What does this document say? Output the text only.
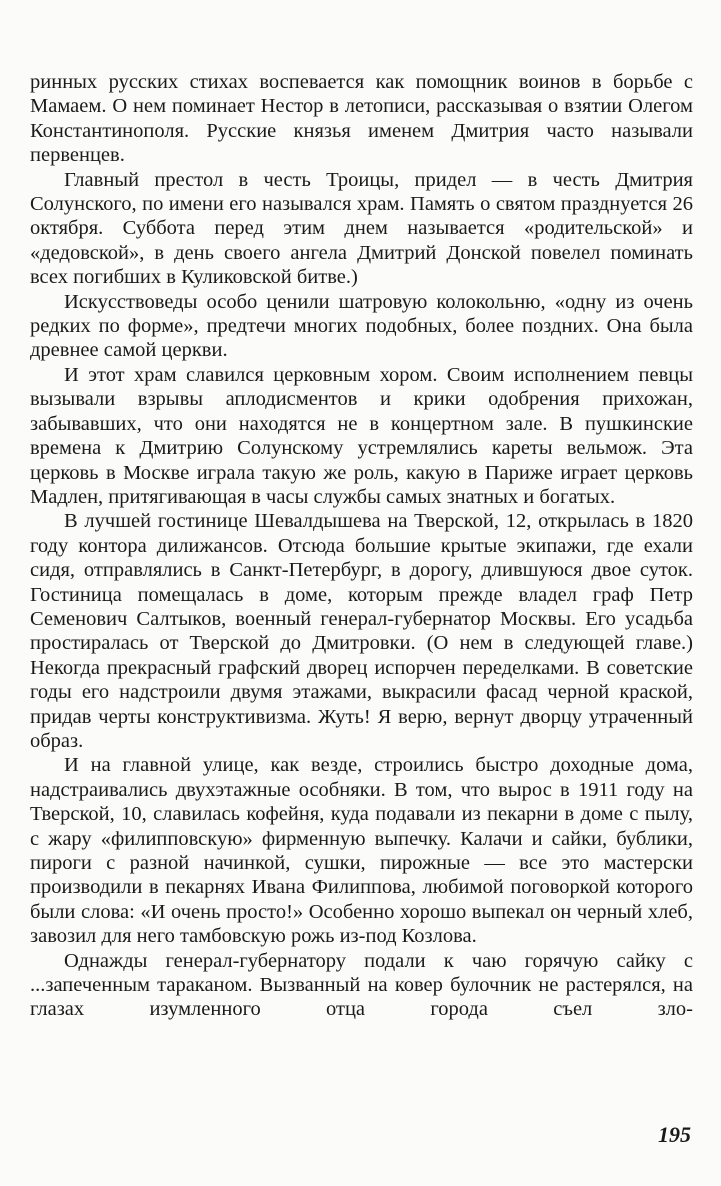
ринных русских стихах воспевается как помощник воинов в борьбе с Мамаем. О нем поминает Нестор в летописи, рассказывая о взятии Олегом Константинополя. Русские князья именем Дмитрия часто называли первенцев.

Главный престол в честь Троицы, придел — в честь Дмитрия Солунского, по имени его назывался храм. Память о святом празднуется 26 октября. Суббота перед этим днем называется «родительской» и «дедовской», в день своего ангела Дмитрий Донской повелел поминать всех погибших в Куликовской битве.)

Искусствоведы особо ценили шатровую колокольню, «одну из очень редких по форме», предтечи многих подобных, более поздних. Она была древнее самой церкви.

И этот храм славился церковным хором. Своим исполнением певцы вызывали взрывы аплодисментов и крики одобрения прихожан, забывавших, что они находятся не в концертном зале. В пушкинские времена к Дмитрию Солунскому устремлялись кареты вельмож. Эта церковь в Москве играла такую же роль, какую в Париже играет церковь Мадлен, притягивающая в часы службы самых знатных и богатых.

В лучшей гостинице Шевалдышева на Тверской, 12, открылась в 1820 году контора дилижансов. Отсюда большие крытые экипажи, где ехали сидя, отправлялись в Санкт-Петербург, в дорогу, длившуюся двое суток. Гостиница помещалась в доме, которым прежде владел граф Петр Семенович Салтыков, военный генерал-губернатор Москвы. Его усадьба простиралась от Тверской до Дмитровки. (О нем в следующей главе.) Некогда прекрасный графский дворец испорчен переделками. В советские годы его надстроили двумя этажами, выкрасили фасад черной краской, придав черты конструктивизма. Жуть! Я верю, вернут дворцу утраченный образ.

И на главной улице, как везде, строились быстро доходные дома, надстраивались двухэтажные особняки. В том, что вырос в 1911 году на Тверской, 10, славилась кофейня, куда подавали из пекарни в доме с пылу, с жару «филипповскую» фирменную выпечку. Калачи и сайки, бублики, пироги с разной начинкой, сушки, пирожные — все это мастерски производили в пекарнях Ивана Филиппова, любимой поговоркой которого были слова: «И очень просто!» Особенно хорошо выпекал он черный хлеб, завозил для него тамбовскую рожь из-под Козлова.

Однажды генерал-губернатору подали к чаю горячую сайку с ...запеченным тараканом. Вызванный на ковер булочник не растерялся, на глазах изумленного отца города съел зло-

195
